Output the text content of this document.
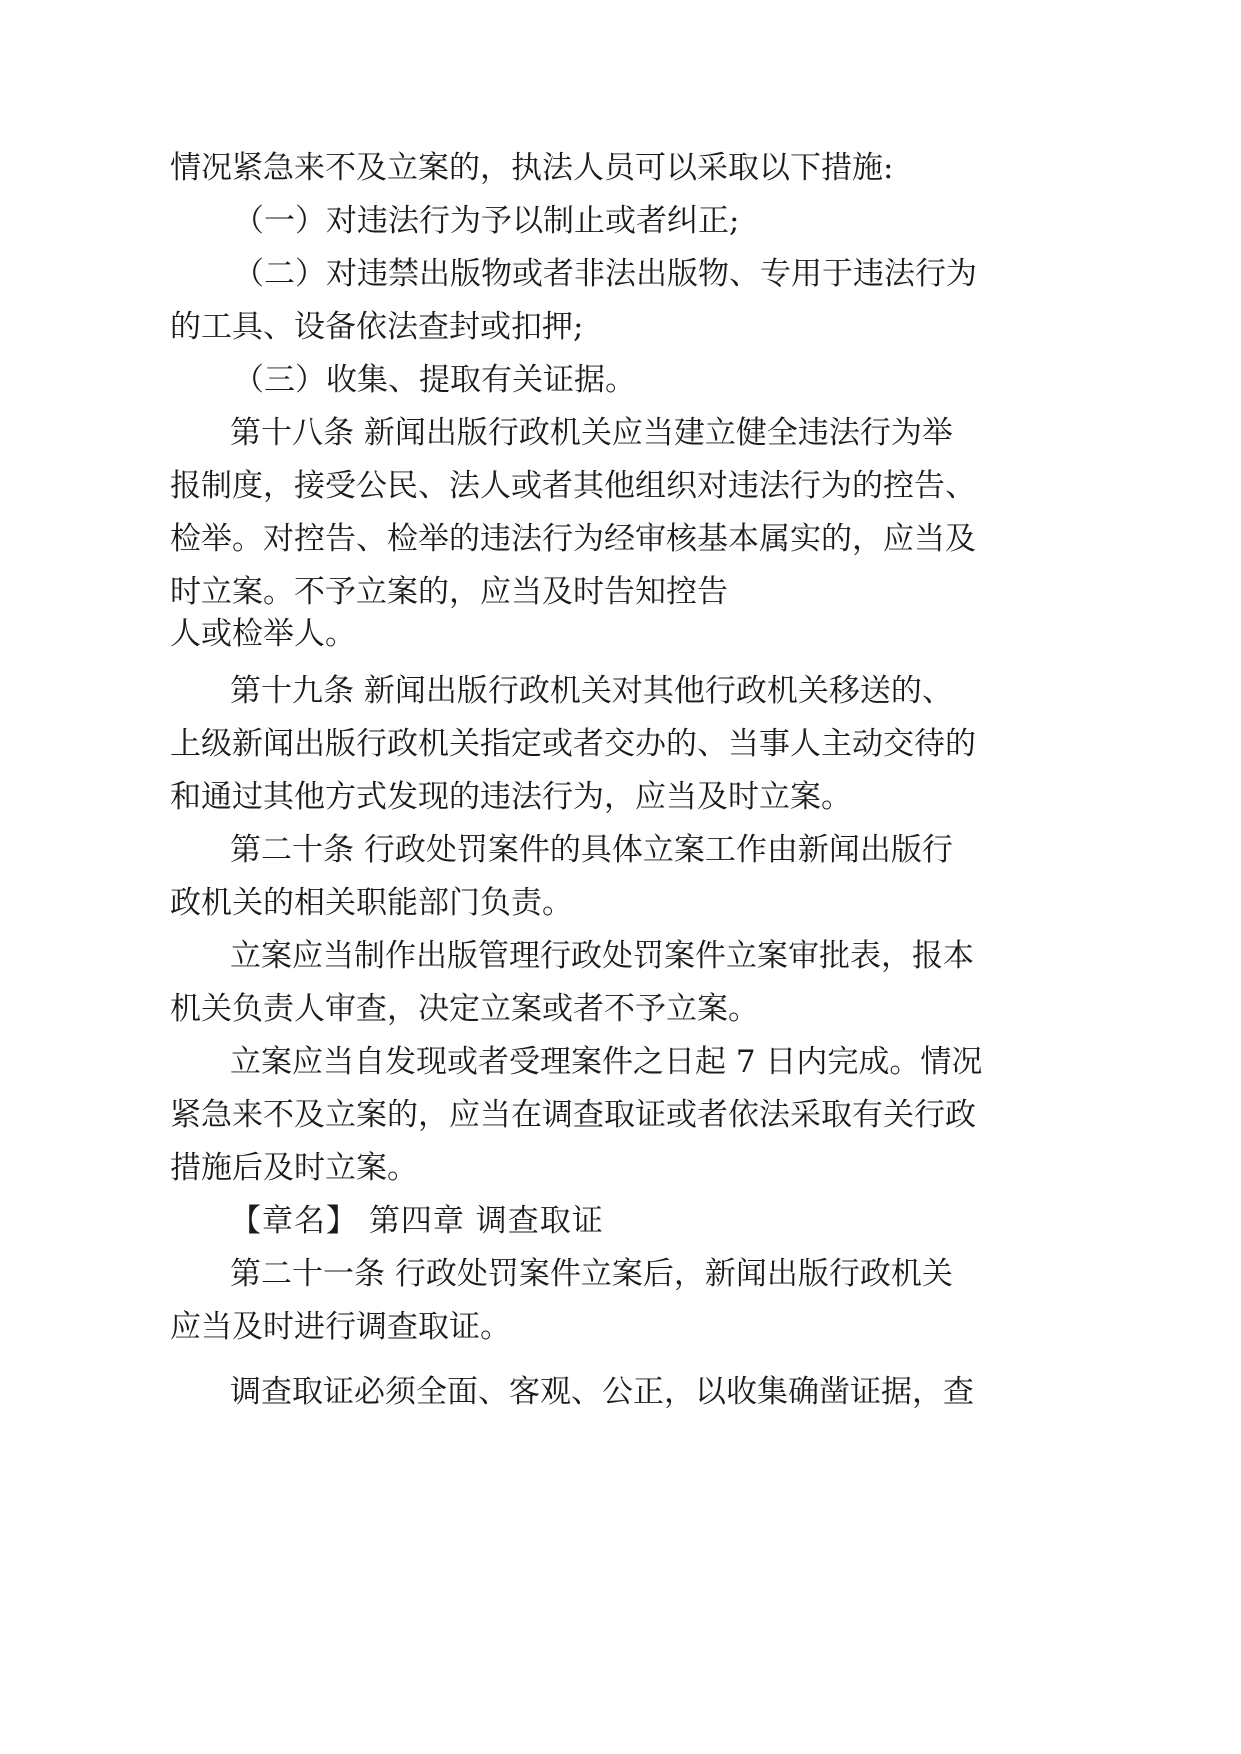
情况紧急来不及立案的，执法人员可以采取以下措施:
（一）对违法行为予以制止或者纠正;
（二）对违禁出版物或者非法出版物、专用于违法行为
的工具、设备依法查封或扣押;
（三）收集、提取有关证据。
第十八条 新闻出版行政机关应当建立健全违法行为举
报制度，接受公民、法人或者其他组织对违法行为的控告、
检举。对控告、检举的违法行为经审核基本属实的，应当及
时立案。不予立案的，应当及时告知控告
人或检举人。
第十九条 新闻出版行政机关对其他行政机关移送的、
上级新闻出版行政机关指定或者交办的、当事人主动交待的
和通过其他方式发现的违法行为，应当及时立案。
第二十条 行政处罚案件的具体立案工作由新闻出版行
政机关的相关职能部门负责。
立案应当制作出版管理行政处罚案件立案审批表，报本
机关负责人审查，决定立案或者不予立案。
立案应当自发现或者受理案件之日起 7 日内完成。情况
紧急来不及立案的，应当在调查取证或者依法采取有关行政
措施后及时立案。
【章名】 第四章 调查取证
第二十一条 行政处罚案件立案后，新闻出版行政机关
应当及时进行调查取证。
调查取证必须全面、客观、公正，以收集确凿证据，查
